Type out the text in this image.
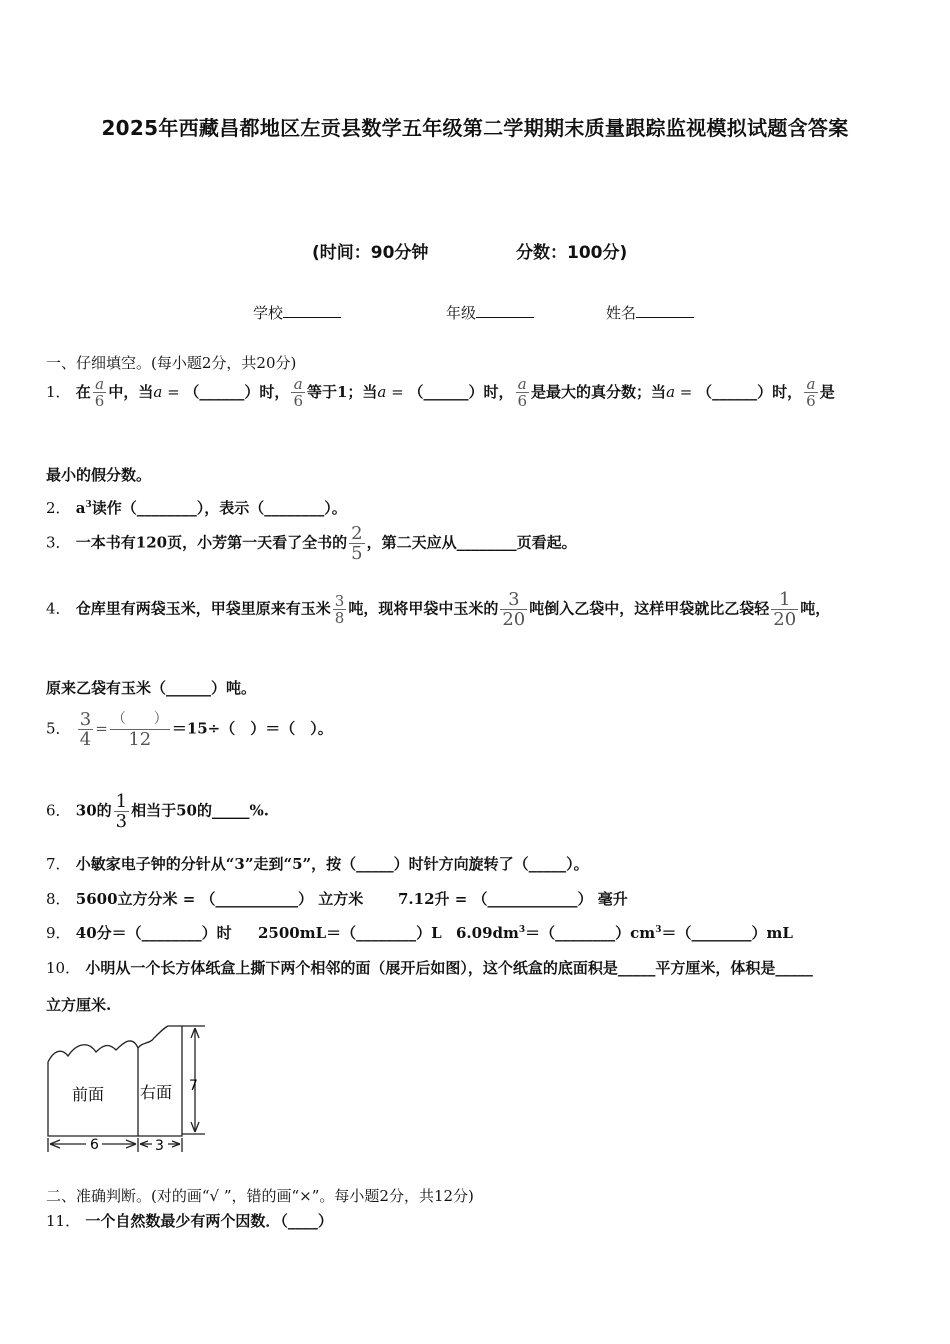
2025年西藏昌都地区左贡县数学五年级第二学期期末质量跟踪监视模拟试题含答案
(时间：90分钟	分数：100分)
学校	年级	姓名
一、仔细填空。(每小题2分，共20分)
1． 在 $\frac{a}{6}$ 中，当a = （______）时， $\frac{a}{6}$ 等于1；当a = （______）时， $\frac{a}{6}$ 是最大的真分数；当a = （______）时， $\frac{a}{6}$ 是
最小的假分数。
2． $a^3$读作（________），表示（________）。
3． 一本书有120页，小芳第一天看了全书的 $\frac{2}{5}$ ，第二天应从________页看起。
4． 仓库里有两袋玉米，甲袋里原来有玉米 $\frac{3}{8}$ 吨，现将甲袋中玉米的 $\frac{3}{20}$ 吨倒入乙袋中，这样甲袋就比乙袋轻 $\frac{1}{20}$ 吨，
原来乙袋有玉米（______）吨。
5． $\frac{3}{4} = \frac{( )}{12} =15\div$（　）＝（　）。
6． 30的 $\frac{1}{3}$ 相当于50的_____%.
7． 小敏家电子钟的分针从“3”走到“5”，按（_____）时针方向旋转了（_____）。
8． 5600立方分米 = （___________） 立方米 7.12升 = （____________） 毫升
9． 40分＝（________）时 2500mL＝（________）L $6.09dm^3=(\_\_\_\_\_\_\_\_)cm^3=(\_\_\_\_\_\_\_\_)mL$
10． 小明从一个长方体纸盒上撕下两个相邻的面（展开后如图），这个纸盒的底面积是_____平方厘米，体积是_____
立方厘米.
前面 右面
6	3
7
二、准确判断。(对的画“√ ”，错的画“×”。每小题2分，共12分)
11． 一个自然数最少有两个因数．（____）
